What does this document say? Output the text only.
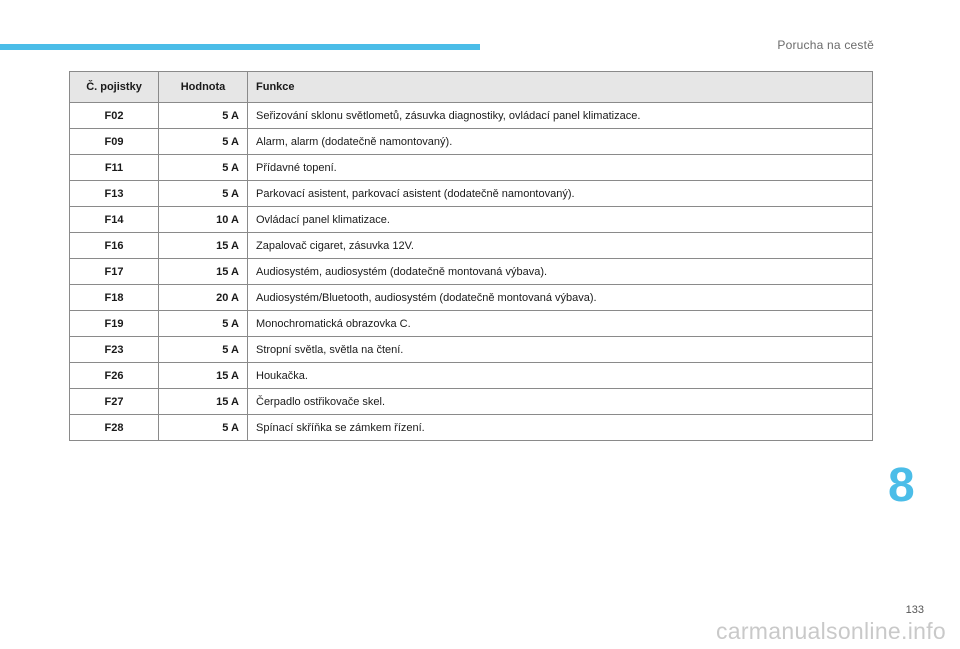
Porucha na cestě
Č. pojistky	Hodnota	Funkce
F02	5 A	Seřizování sklonu světlometů, zásuvka diagnostiky, ovládací panel klimatizace.
F09	5 A	Alarm, alarm (dodatečně namontovaný).
F11	5 A	Přídavné topení.
F13	5 A	Parkovací asistent, parkovací asistent (dodatečně namontovaný).
F14	10 A	Ovládací panel klimatizace.
F16	15 A	Zapalovač cigaret, zásuvka 12V.
F17	15 A	Audiosystém, audiosystém (dodatečně montovaná výbava).
F18	20 A	Audiosystém/Bluetooth, audiosystém (dodatečně montovaná výbava).
F19	5 A	Monochromatická obrazovka C.
F23	5 A	Stropní světla, světla na čtení.
F26	15 A	Houkačka.
F27	15 A	Čerpadlo ostřikovače skel.
F28	5 A	Spínací skříňka se zámkem řízení.
8
133
carmanualsonline.info
